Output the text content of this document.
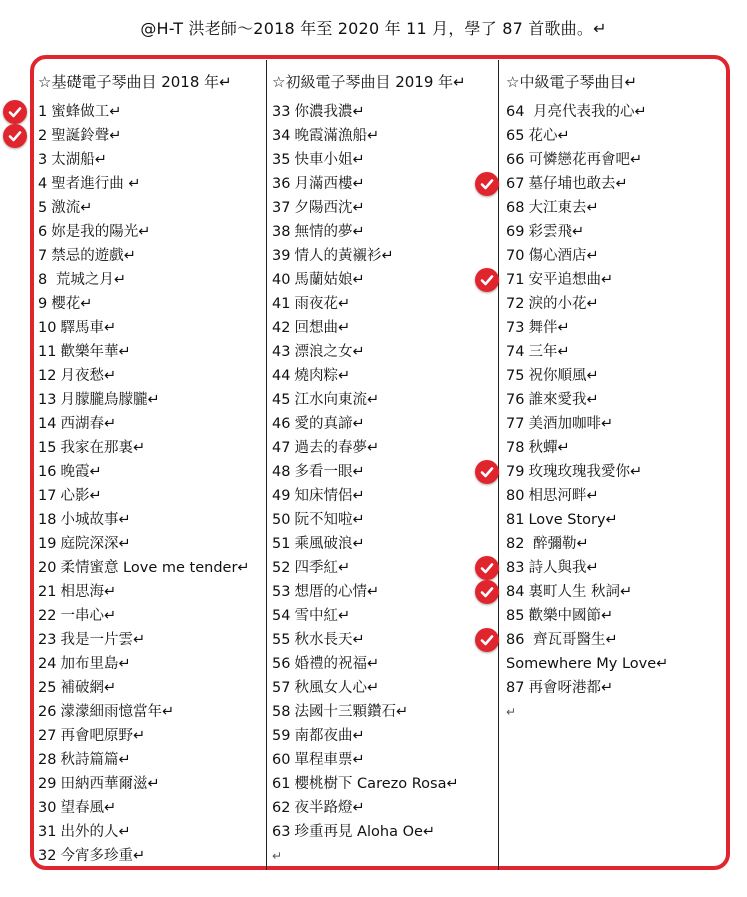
@H-T 洪老師～2018 年至 2020 年 11 月，學了 87 首歌曲。↵
☆基礎電子琴曲目 2018 年↵
1 蜜蜂做工↵
2 聖誕鈴聲↵
3 太湖船↵
4 聖者進行曲 ↵
5 激流↵
6 妳是我的陽光↵
7 禁忌的遊戲↵
8 荒城之月↵
9 櫻花↵
10 驛馬車↵
11 歡樂年華↵
12 月夜愁↵
13 月朦朧鳥朦朧↵
14 西湖春↵
15 我家在那裏↵
16 晚霞↵
17 心影↵
18 小城故事↵
19 庭院深深↵
20 柔情蜜意 Love me tender↵
21 相思海↵
22 一串心↵
23 我是一片雲↵
24 加布里島↵
25 補破網↵
26 濛濛細雨憶當年↵
27 再會吧原野↵
28 秋詩篇篇↵
29 田納西華爾滋↵
30 望春風↵
31 出外的人↵
32 今宵多珍重↵
☆初級電子琴曲目 2019 年↵
33 你濃我濃↵
34 晚霞滿漁船↵
35 快車小姐↵
36 月滿西樓↵
37 夕陽西沈↵
38 無情的夢↵
39 情人的黃襯衫↵
40 馬蘭姑娘↵
41 雨夜花↵
42 回想曲↵
43 漂浪之女↵
44 燒肉粽↵
45 江水向東流↵
46 愛的真諦↵
47 過去的春夢↵
48 多看一眼↵
49 知床情侶↵
50 阮不知啦↵
51 乘風破浪↵
52 四季紅↵
53 想厝的心情↵
54 雪中紅↵
55 秋水長天↵
56 婚禮的祝福↵
57 秋風女人心↵
58 法國十三顆鑽石↵
59 南都夜曲↵
60 單程車票↵
61 櫻桃樹下 Carezo Rosa↵
62 夜半路燈↵
63 珍重再見 Aloha Oe↵
↵
☆中級電子琴曲目↵
64 月亮代表我的心↵
65 花心↵
66 可憐戀花再會吧↵
67 墓仔埔也敢去↵
68 大江東去↵
69 彩雲飛↵
70 傷心酒店↵
71 安平追想曲↵
72 淚的小花↵
73 舞伴↵
74 三年↵
75 祝你順風↵
76 誰來愛我↵
77 美酒加咖啡↵
78 秋蟬↵
79 玫瑰玫瑰我愛你↵
80 相思河畔↵
81 Love Story↵
82 醉彌勒↵
83 詩人與我↵
84 裏町人生 秋詞↵
85 歡樂中國節↵
86 齊瓦哥醫生↵
Somewhere My Love↵
87 再會呀港都↵
↵
